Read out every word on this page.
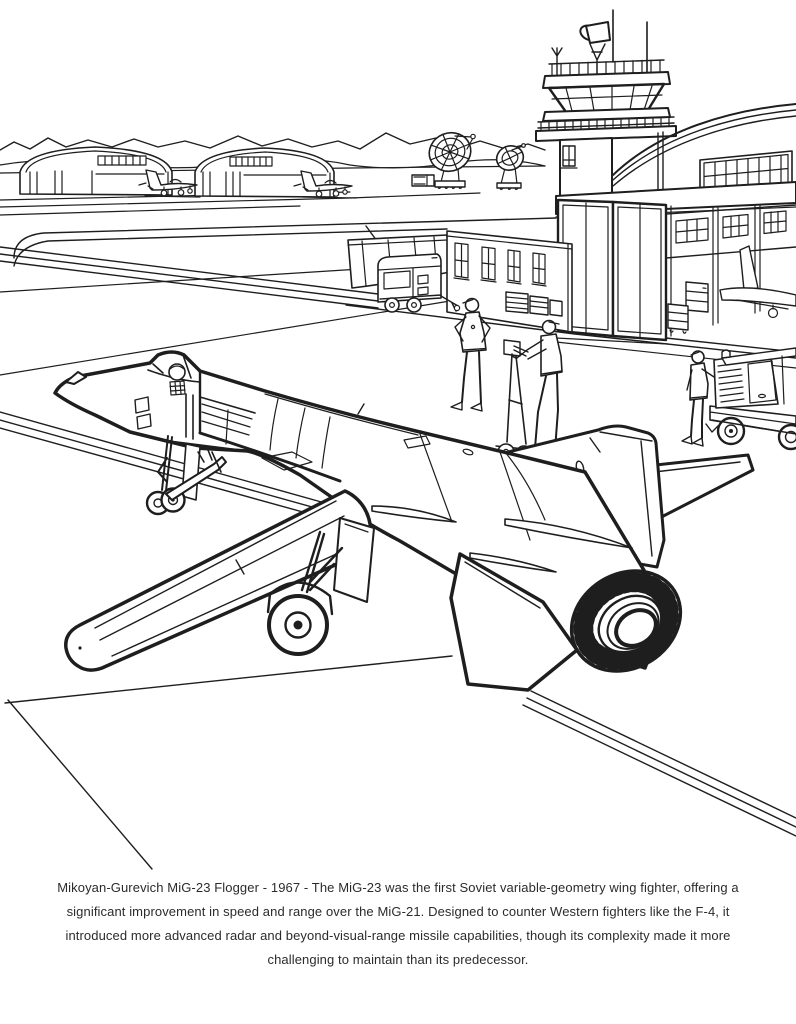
Mikoyan-Gurevich MiG-23 Flogger - 1967 - The MiG-23 was the first Soviet variable-geometry wing fighter, offering a significant improvement in speed and range over the MiG-21. Designed to counter Western fighters like the F-4, it introduced more advanced radar and beyond-visual-range missile capabilities, though its complexity made it more challenging to maintain than its predecessor.
